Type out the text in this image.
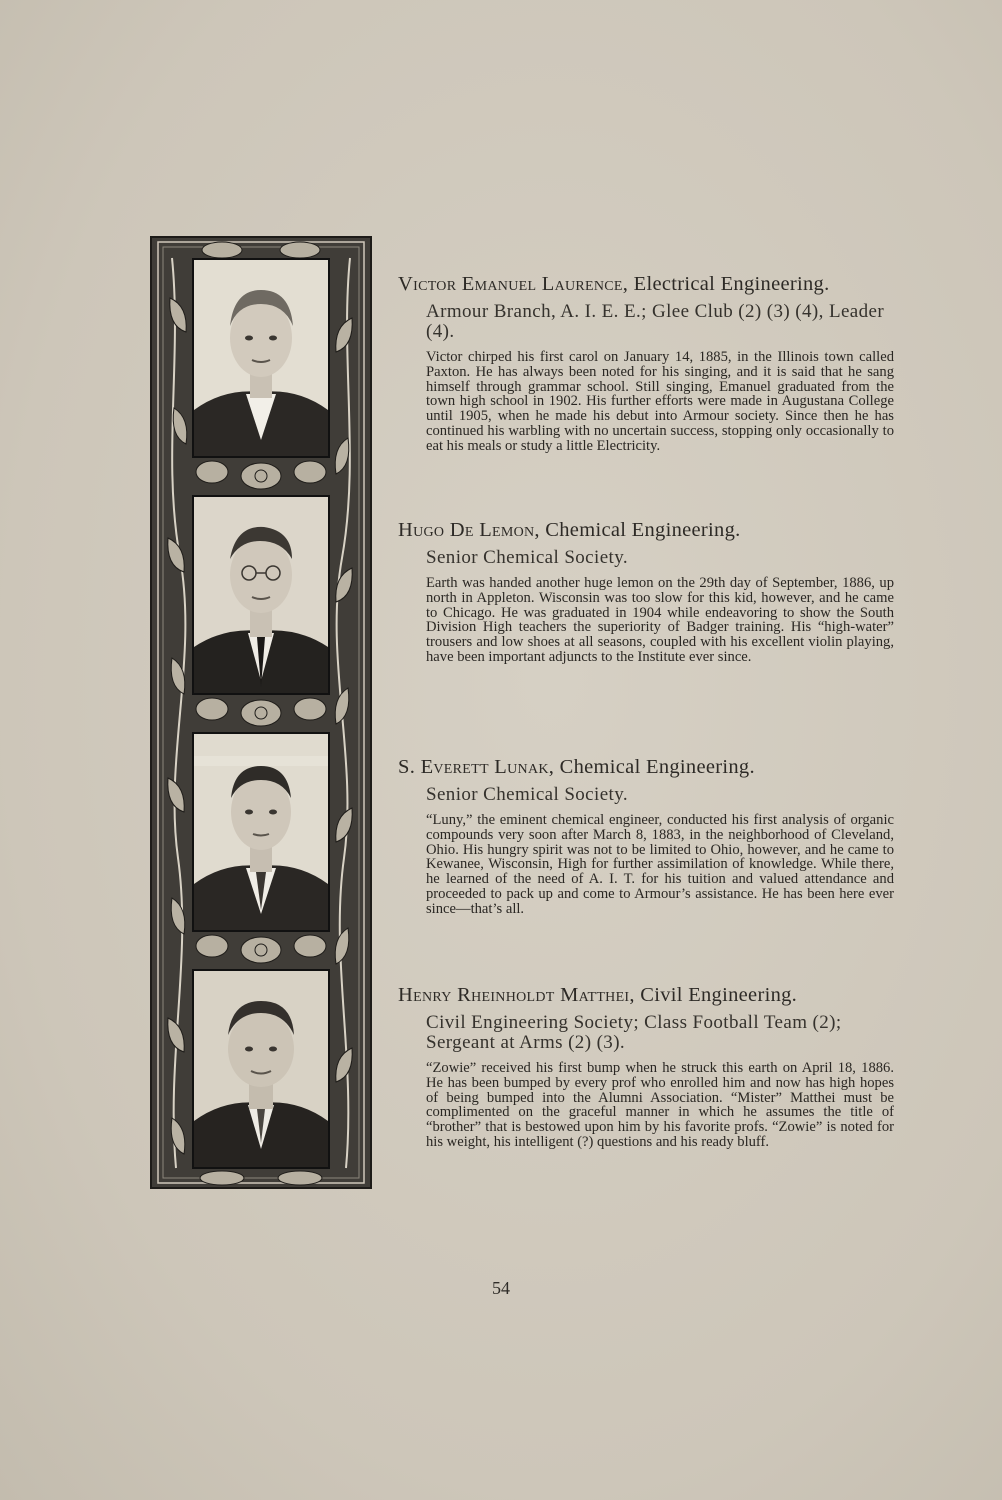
Victor Emanuel Laurence, Electrical Engineering.
Armour Branch, A. I. E. E.; Glee Club (2) (3) (4), Leader (4).
Victor chirped his first carol on January 14, 1885, in the Illinois town called Paxton. He has always been noted for his singing, and it is said that he sang himself through grammar school. Still singing, Emanuel graduated from the town high school in 1902. His further efforts were made in Augustana College until 1905, when he made his debut into Armour society. Since then he has continued his warbling with no uncertain success, stopping only occasionally to eat his meals or study a little Electricity.
Hugo De Lemon, Chemical Engineering.
Senior Chemical Society.
Earth was handed another huge lemon on the 29th day of September, 1886, up north in Appleton. Wisconsin was too slow for this kid, however, and he came to Chicago. He was graduated in 1904 while endeavoring to show the South Division High teachers the superiority of Badger training. His “high-water” trousers and low shoes at all seasons, coupled with his excellent violin playing, have been important adjuncts to the Institute ever since.
S. Everett Lunak, Chemical Engineering.
Senior Chemical Society.
“Luny,” the eminent chemical engineer, conducted his first analysis of organic compounds very soon after March 8, 1883, in the neighborhood of Cleveland, Ohio. His hungry spirit was not to be limited to Ohio, however, and he came to Kewanee, Wisconsin, High for further assimilation of knowledge. While there, he learned of the need of A. I. T. for his tuition and valued attendance and proceeded to pack up and come to Armour’s assistance. He has been here ever since—that’s all.
Henry Rheinholdt Matthei, Civil Engineering.
Civil Engineering Society; Class Football Team (2); Sergeant at Arms (2) (3).
“Zowie” received his first bump when he struck this earth on April 18, 1886. He has been bumped by every prof who enrolled him and now has high hopes of being bumped into the Alumni Association. “Mister” Matthei must be complimented on the graceful manner in which he assumes the title of “brother” that is bestowed upon him by his favorite profs. “Zowie” is noted for his weight, his intelligent (?) questions and his ready bluff.
54
